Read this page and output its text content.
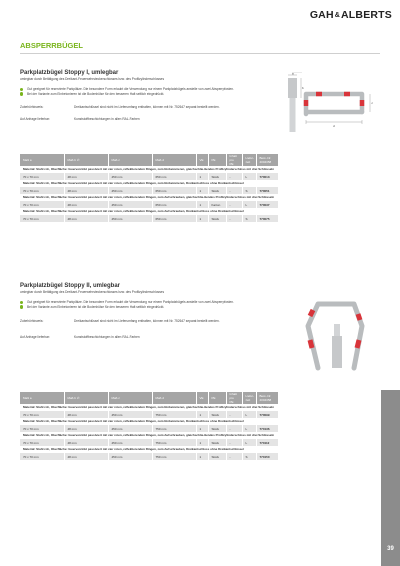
GAH&ALBERTS
ABSPERRBÜGEL
Parkplatzbügel Stoppy I, umlegbar
umlegbar durch Betätigung des Dreikant-Feuerwehrsteckerschlosses bzw. des Profilzylinderschlosses
Gut geeignet für reservierte Parkplätze. Die besondere Form erlaubt die Verwendung nur einem Parkplatzbügels anstelle von zwei Absperrpfosten.
Bei der Variante zum Einbetonieren ist die Bodenhülse für den besseren Halt seitlich eingedrückt.
Zubehörhinweis:	Dreikantschlüssel sind nicht im Lieferumfang enthalten, können mit Nr. 752647 separat bestellt werden.
Auf Anfrage lieferbar:	Kunststoffbeschichtungen in allen RAL-Farben
a
b
c
d
Maß a	Maß b ∅	Maß c	Maß d	VE	PE	Inhalt pro PE	Liefer-zeit	Best.-Nr. 4004358
Material: Stahl roh, Oberfläche: feuerverzinkt passiviert mit vier roten, reflektierenden Ringen, zum Einbetonieren, gleichschlie-ßendes Profilzylinderschloss mit drei Schlüsseln								
70 x 70 mm	48 mm	450 mm	650 mm	1	Stück	-	L	770013
Material: Stahl roh, Oberfläche: feuerverzinkt passiviert mit vier roten, reflektierenden Ringen, zum Einbetonieren, Dreikantschloss ohne Dreikantschlüssel								
70 x 70 mm	48 mm	450 mm	650 mm	1	Stück	-	S	770051
Material: Stahl roh, Oberfläche: feuerverzinkt passiviert mit vier roten, reflektierenden Ringen, zum Aufschrauben, gleichschlie-ßendes Profilzylinderschloss mit drei Schlüsseln								
70 x 70 mm	48 mm	450 mm	650 mm	1	Karton	-	L	770037
Material: Stahl roh, Oberfläche: feuerverzinkt passiviert mit vier roten, reflektierenden Ringen, zum Aufschrauben, Dreikantschloss ohne Dreikantschlüssel								
70 x 70 mm	48 mm	450 mm	650 mm	1	Stück	-	S	770075
Parkplatzbügel Stoppy II, umlegbar
umlegbar durch Betätigung des Dreikant-Feuerwehrsteckerschlosses bzw. des Profilzylinderschlosses
Gut geeignet für reservierte Parkplätze. Die besondere Form erlaubt die Verwendung nur einem Parkplatzbügels anstelle von zwei Absperrpfosten.
Bei der Variante zum Einbetonieren ist die Bodenhülse für den besseren Halt seitlich eingedrückt.
Zubehörhinweis:	Dreikantschlüssel sind nicht im Lieferumfang enthalten, können mit Nr. 752647 separat bestellt werden.
Auf Anfrage lieferbar:	Kunststoffbeschichtungen in allen RAL-Farben
Maß a	Maß b ∅	Maß c	Maß d	VE	PE	Inhalt pro PE	Liefer-zeit	Best.-Nr. 4004358
Material: Stahl roh, Oberfläche: feuerverzinkt passiviert mit vier roten, reflektierenden Ringen, zum Einbetonieren, gleichschlie-ßendes Profilzylinderschloss mit drei Schlüsseln								
70 x 70 mm	48 mm	450 mm	750 mm	1	Stück	-	L	770099
Material: Stahl roh, Oberfläche: feuerverzinkt passiviert mit vier roten, reflektierenden Ringen, zum Einbetonieren, Dreikantschloss ohne Dreikantschlüssel								
70 x 70 mm	48 mm	450 mm	750 mm	1	Stück	-	L	770136
Material: Stahl roh, Oberfläche: feuerverzinkt passiviert mit vier roten, reflektierenden Ringen, zum Aufschrauben, gleichschlie-ßendes Profilzylinderschloss mit drei Schlüsseln								
70 x 70 mm	48 mm	450 mm	750 mm	1	Stück	-	L	770112
Material: Stahl roh, Oberfläche: feuerverzinkt passiviert mit vier roten, reflektierenden Ringen, zum Aufschrauben, Dreikantschloss ohne Dreikantschlüssel								
70 x 70 mm	48 mm	450 mm	750 mm	1	Stück	-	S	770150
39
